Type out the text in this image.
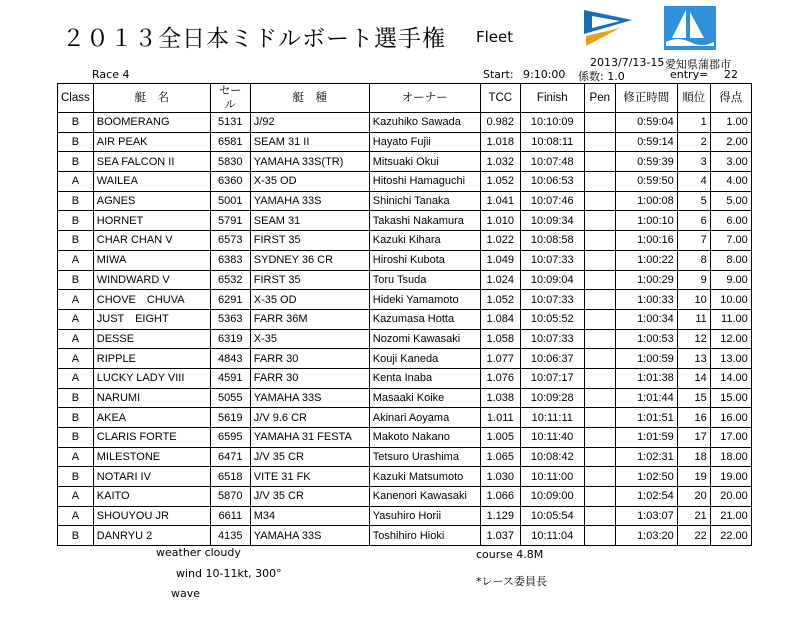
２０１３全日本ミドルボート選手権 Fleet
2013/7/13-15 愛知県蒲郡市
Race 4	Start: 9:10:00 係数: 1.0	entry= 22
Class	艇　名	セール	艇　種	オーナー	TCC	Finish	Pen	修正時間	順位	得点
B	BOOMERANG	5131	J/92	Kazuhiko Sawada	0.982	10:10:09		0:59:04	1	1.00
B	AIR PEAK	6581	SEAM 31 II	Hayato Fujii	1.018	10:08:11		0:59:14	2	2.00
B	SEA FALCON II	5830	YAMAHA 33S(TR)	Mitsuaki Okui	1.032	10:07:48		0:59:39	3	3.00
A	WAILEA	6360	X-35 OD	Hitoshi Hamaguchi	1.052	10:06:53		0:59:50	4	4.00
B	AGNES	5001	YAMAHA 33S	Shinichi Tanaka	1.041	10:07:46		1:00:08	5	5.00
B	HORNET	5791	SEAM 31	Takashi Nakamura	1.010	10:09:34		1:00:10	6	6.00
B	CHAR CHAN V	6573	FIRST 35	Kazuki Kihara	1.022	10:08:58		1:00:16	7	7.00
A	MIWA	6383	SYDNEY 36 CR	Hiroshi Kubota	1.049	10:07:33		1:00:22	8	8.00
B	WINDWARD V	6532	FIRST 35	Toru Tsuda	1.024	10:09:04		1:00:29	9	9.00
A	CHOVE　CHUVA	6291	X-35 OD	Hideki Yamamoto	1.052	10:07:33		1:00:33	10	10.00
A	JUST　EIGHT	5363	FARR 36M	Kazumasa Hotta	1.084	10:05:52		1:00:34	11	11.00
A	DESSE	6319	X-35	Nozomi Kawasaki	1.058	10:07:33		1:00:53	12	12.00
A	RIPPLE	4843	FARR 30	Kouji Kaneda	1.077	10:06:37		1:00:59	13	13.00
A	LUCKY LADY VIII	4591	FARR 30	Kenta Inaba	1.076	10:07:17		1:01:38	14	14.00
B	NARUMI	5055	YAMAHA 33S	Masaaki Koike	1.038	10:09:28		1:01:44	15	15.00
B	AKEA	5619	J/V 9.6 CR	Akinari Aoyama	1.011	10:11:11		1:01:51	16	16.00
B	CLARIS FORTE	6595	YAMAHA 31 FESTA	Makoto Nakano	1.005	10:11:40		1:01:59	17	17.00
A	MILESTONE	6471	J/V 35 CR	Tetsuro Urashima	1.065	10:08:42		1:02:31	18	18.00
B	NOTARI IV	6518	VITE 31 FK	Kazuki Matsumoto	1.030	10:11:00		1:02:50	19	19.00
A	KAITO	5870	J/V 35 CR	Kanenori Kawasaki	1.066	10:09:00		1:02:54	20	20.00
A	SHOUYOU JR	6611	M34	Yasuhiro Horii	1.129	10:05:54		1:03:07	21	21.00
B	DANRYU 2	4135	YAMAHA 33S	Toshihiro Hioki	1.037	10:11:04		1:03:20	22	22.00
weather cloudy
wind 10-11kt, 300°
wave
course 4.8M
*レース委員長
